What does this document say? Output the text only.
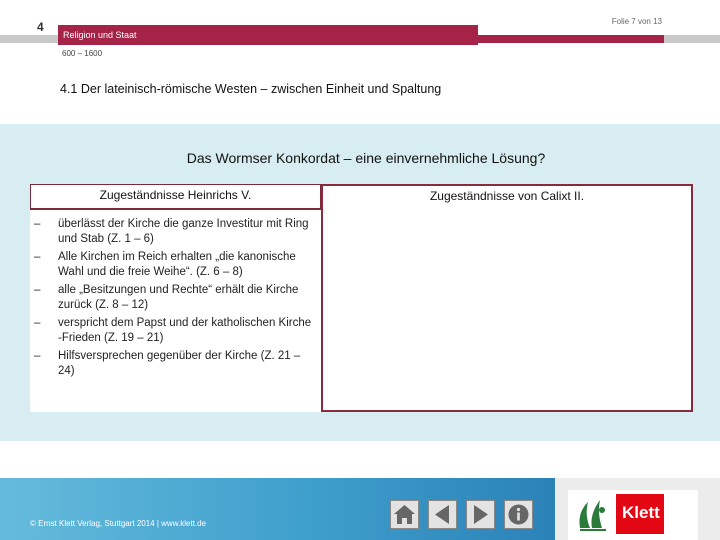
4	Folie 7 von 13
Religion und Staat
600 – 1600
4.1 Der lateinisch-römische Westen – zwischen Einheit und Spaltung
Das Wormser Konkordat – eine einvernehmliche Lösung?
Zugeständnisse Heinrichs V.
– überlässt der Kirche die ganze Investitur mit Ring und Stab (Z. 1 – 6)
– Alle Kirchen im Reich erhalten „die kanonische Wahl und die freie Weihe“. (Z. 6 – 8)
– alle „Besitzungen und Rechte“ erhält die Kirche zurück (Z. 8 – 12)
– verspricht dem Papst und der katholischen Kirche -Frieden (Z. 19 – 21)
– Hilfsversprechen gegenüber der Kirche (Z. 21 – 24)
Zugeständnisse von Calixt II.
© Ernst Klett Verlag, Stuttgart 2014 | www.klett.de
Klett
